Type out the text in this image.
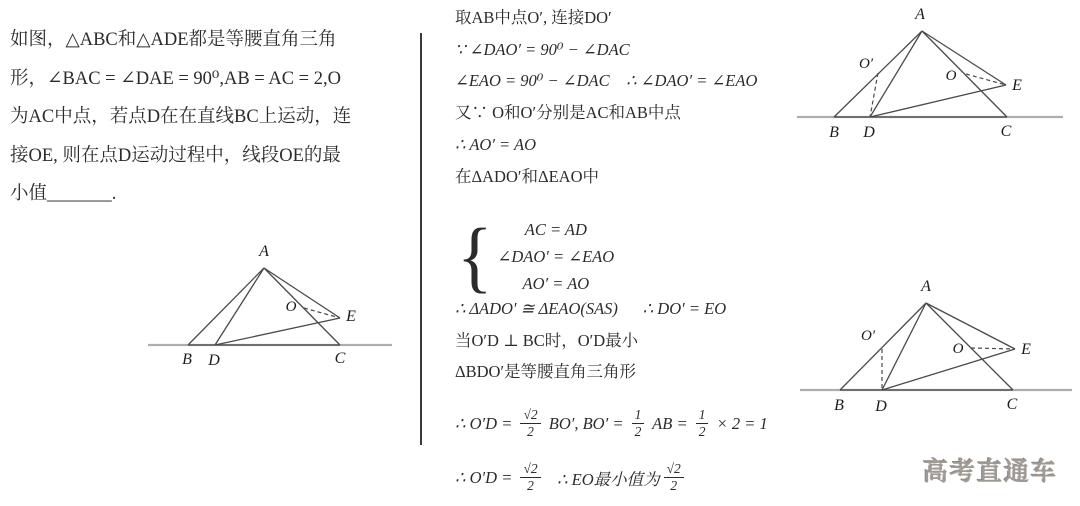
如图，△ABC和△ADE都是等腰直角三角
形，∠BAC = ∠DAE = 90⁰,AB = AC = 2,O
为AC中点，若点D在在直线BC上运动，连
接OE, 则在点D运动过程中，线段OE的最
小值_______.
取AB中点O′, 连接DO′
∵ ∠DAO′ = 90⁰ − ∠DAC
∠EAO = 90⁰ − ∠DAC    ∴ ∠DAO′ = ∠EAO
又∵ O和O′分别是AC和AB中点
∴ AO′ = AO
在ΔADO′和ΔEAO中
{ AC = AD
∠DAO′ = ∠EAO
AO′ = AO
∴ ΔADO′ ≅ ΔEAO(SAS)      ∴ DO′ = EO
当O′D ⊥ BC时，O′D最小
ΔBDO′是等腰直角三角形
∴ $O'D = \frac{√2}{2} BO'$, $BO' = \frac{1}{2}$ AB = $\frac{1}{2} \times 2 = 1$
∴ $O'D = \frac{√2}{2}$ ∴ EO最小值为 $\frac{√2}{2}$
A
O′
O
E
B D	C
A
O′
O	E
B D	C
A
O
E
B D	C
高考直通车
